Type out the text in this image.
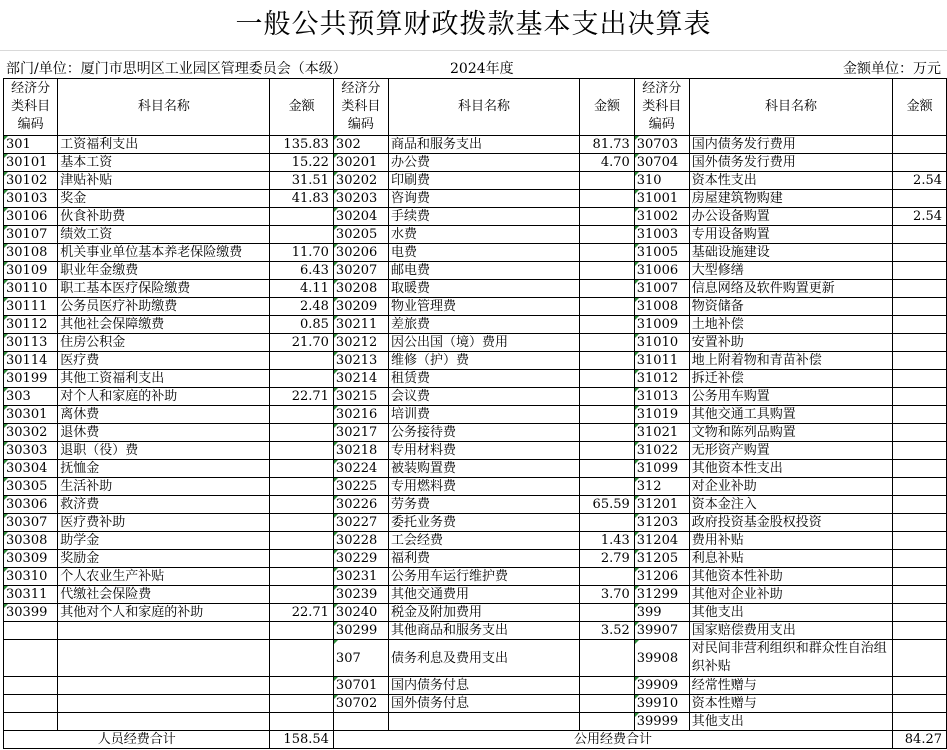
一般公共预算财政拨款基本支出决算表
部门/单位：厦门市思明区工业园区管理委员会（本级）	2024年度	金额单位：万元
经济分类科目编码	科目名称	金额	经济分类科目编码	科目名称	金额	经济分类科目编码	科目名称	金额
301	工资福利支出	135.83	302	商品和服务支出	81.73	30703	国内债务发行费用	
30101	基本工资	15.22	30201	办公费	4.70	30704	国外债务发行费用	
30102	津贴补贴	31.51	30202	印刷费		310	资本性支出	2.54
30103	奖金	41.83	30203	咨询费		31001	房屋建筑物购建	
30106	伙食补助费		30204	手续费		31002	办公设备购置	2.54
30107	绩效工资		30205	水费		31003	专用设备购置	
30108	机关事业单位基本养老保险缴费	11.70	30206	电费		31005	基础设施建设	
30109	职业年金缴费	6.43	30207	邮电费		31006	大型修缮	
30110	职工基本医疗保险缴费	4.11	30208	取暖费		31007	信息网络及软件购置更新	
30111	公务员医疗补助缴费	2.48	30209	物业管理费		31008	物资储备	
30112	其他社会保障缴费	0.85	30211	差旅费		31009	土地补偿	
30113	住房公积金	21.70	30212	因公出国（境）费用		31010	安置补助	
30114	医疗费		30213	维修（护）费		31011	地上附着物和青苗补偿	
30199	其他工资福利支出		30214	租赁费		31012	拆迁补偿	
303	对个人和家庭的补助	22.71	30215	会议费		31013	公务用车购置	
30301	离休费		30216	培训费		31019	其他交通工具购置	
30302	退休费		30217	公务接待费		31021	文物和陈列品购置	
30303	退职（役）费		30218	专用材料费		31022	无形资产购置	
30304	抚恤金		30224	被装购置费		31099	其他资本性支出	
30305	生活补助		30225	专用燃料费		312	对企业补助	
30306	救济费		30226	劳务费	65.59	31201	资本金注入	
30307	医疗费补助		30227	委托业务费		31203	政府投资基金股权投资	
30308	助学金		30228	工会经费	1.43	31204	费用补贴	
30309	奖励金		30229	福利费	2.79	31205	利息补贴	
30310	个人农业生产补贴		30231	公务用车运行维护费		31206	其他资本性补助	
30311	代缴社会保险费		30239	其他交通费用	3.70	31299	其他对企业补助	
30399	其他对个人和家庭的补助	22.71	30240	税金及附加费用		399	其他支出	
			30299	其他商品和服务支出	3.52	39907	国家赔偿费用支出	
			307	债务利息及费用支出		39908	对民间非营利组织和群众性自治组织补贴	
			30701	国内债务付息		39909	经常性赠与	
			30702	国外债务付息		39910	资本性赠与	
						39999	其他支出	
人员经费合计		158.54	公用经费合计					84.27
